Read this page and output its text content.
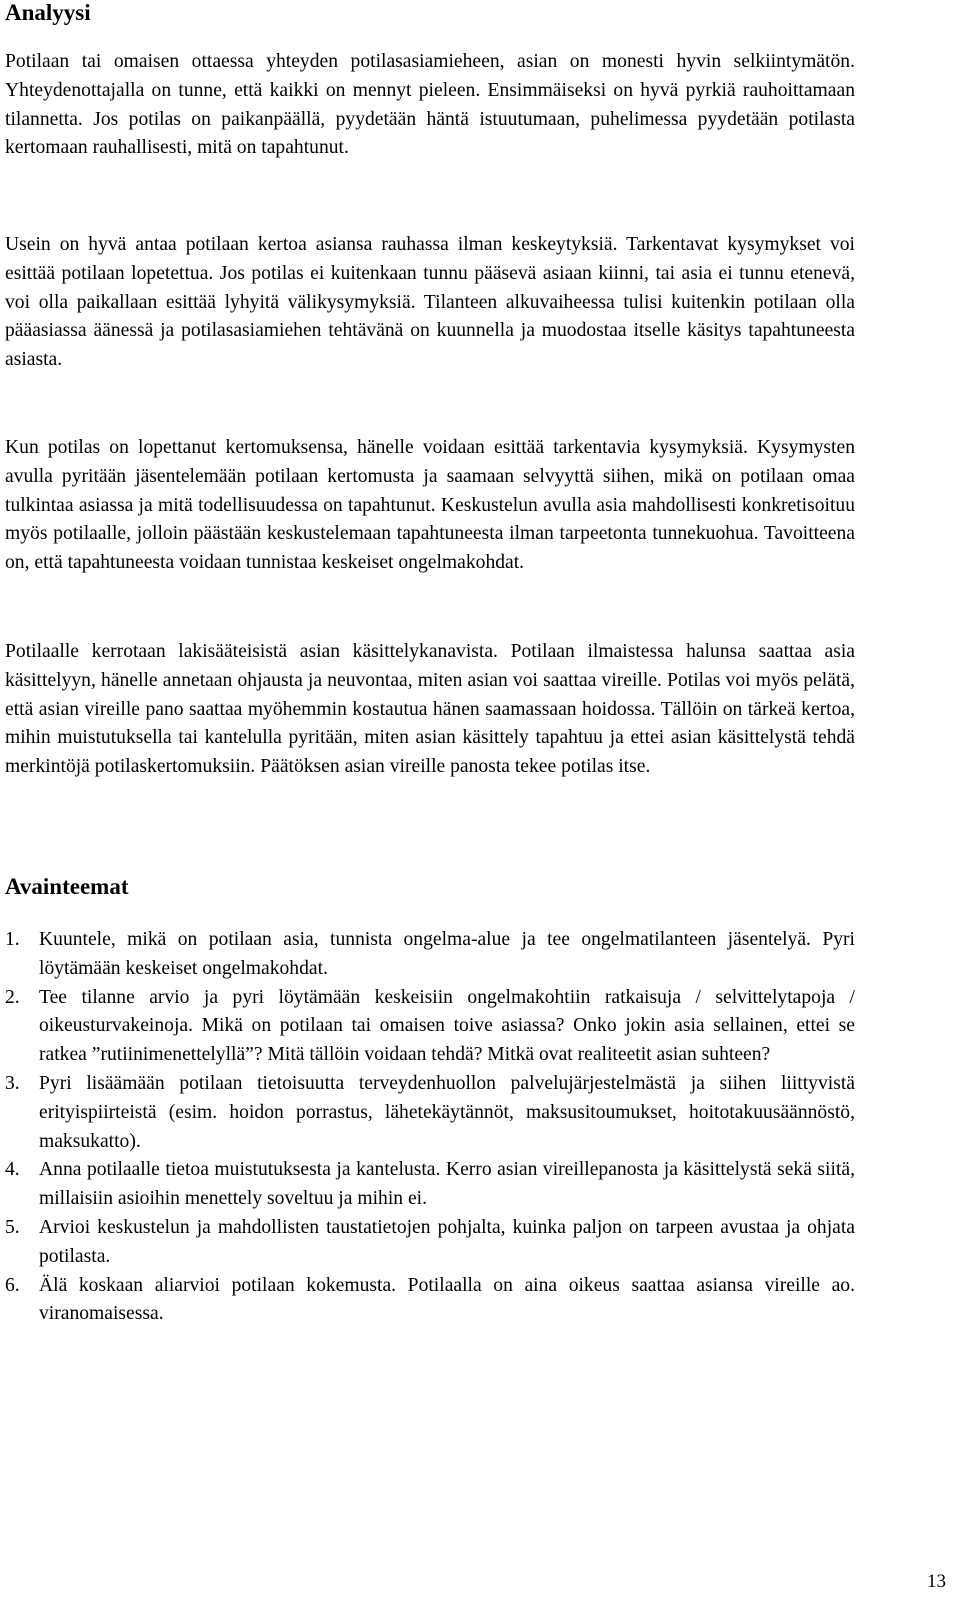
Analyysi

Potilaan tai omaisen ottaessa yhteyden potilasasiamieheen, asian on monesti hyvin selkiintymätön. Yhteydenottajalla on tunne, että kaikki on mennyt pieleen. Ensimmäiseksi on hyvä pyrkiä rauhoittamaan tilannetta. Jos potilas on paikanpäällä, pyydetään häntä istuutumaan, puhelimessa pyydetään potilasta kertomaan rauhallisesti, mitä on tapahtunut.

Usein on hyvä antaa potilaan kertoa asiansa rauhassa ilman keskeytyksiä. Tarkentavat kysymykset voi esittää potilaan lopetettua. Jos potilas ei kuitenkaan tunnu pääsevä asiaan kiinni, tai asia ei tunnu etenevä, voi olla paikallaan esittää lyhyitä välikysymyksiä. Tilanteen alkuvaiheessa tulisi kuitenkin potilaan olla pääasiassa äänessä ja potilasasiamiehen tehtävänä on kuunnella ja muodostaa itselle käsitys tapahtuneesta asiasta.

Kun potilas on lopettanut kertomuksensa, hänelle voidaan esittää tarkentavia kysymyksiä. Kysymysten avulla pyritään jäsentelemään potilaan kertomusta ja saamaan selvyyttä siihen, mikä on potilaan omaa tulkintaa asiassa ja mitä todellisuudessa on tapahtunut. Keskustelun avulla asia mahdollisesti konkretisoituu myös potilaalle, jolloin päästään keskustelemaan tapahtuneesta ilman tarpeetonta tunnekuohua. Tavoitteena on, että tapahtuneesta voidaan tunnistaa keskeiset ongelmakohdat.

Potilaalle kerrotaan lakisääteisistä asian käsittelykanavista. Potilaan ilmaistessa halunsa saattaa asia käsittelyyn, hänelle annetaan ohjausta ja neuvontaa, miten asian voi saattaa vireille. Potilas voi myös pelätä, että asian vireille pano saattaa myöhemmin kostautua hänen saamassaan hoidossa. Tällöin on tärkeä kertoa, mihin muistutuksella tai kantelulla pyritään, miten asian käsittely tapahtuu ja ettei asian käsittelystä tehdä merkintöjä potilaskertomuksiin. Päätöksen asian vireille panosta tekee potilas itse.

Avainteemat
1. Kuuntele, mikä on potilaan asia, tunnista ongelma-alue ja tee ongelmatilanteen jäsentelyä. Pyri löytämään keskeiset ongelmakohdat.
2. Tee tilanne arvio ja pyri löytämään keskeisiin ongelmakohtiin ratkaisuja / selvittelytapoja / oikeusturvakeinoja. Mikä on potilaan tai omaisen toive asiassa? Onko jokin asia sellainen, ettei se ratkea ”rutiinimenettelyllä”? Mitä tällöin voidaan tehdä? Mitkä ovat realiteetit asian suhteen?
3. Pyri lisäämään potilaan tietoisuutta terveydenhuollon palvelujärjestelmästä ja siihen liittyvistä erityispiirteistä (esim. hoidon porrastus, lähetekäytännöt, maksusitoumukset, hoitotakuusäännöstö, maksukatto).
4. Anna potilaalle tietoa muistutuksesta ja kantelusta. Kerro asian vireillepanosta ja käsittelystä sekä siitä, millaisiin asioihin menettely soveltuu ja mihin ei.
5. Arvioi keskustelun ja mahdollisten taustatietojen pohjalta, kuinka paljon on tarpeen avustaa ja ohjata potilasta.
6. Älä koskaan aliarvioi potilaan kokemusta. Potilaalla on aina oikeus saattaa asiansa vireille ao. viranomaisessa.
13
